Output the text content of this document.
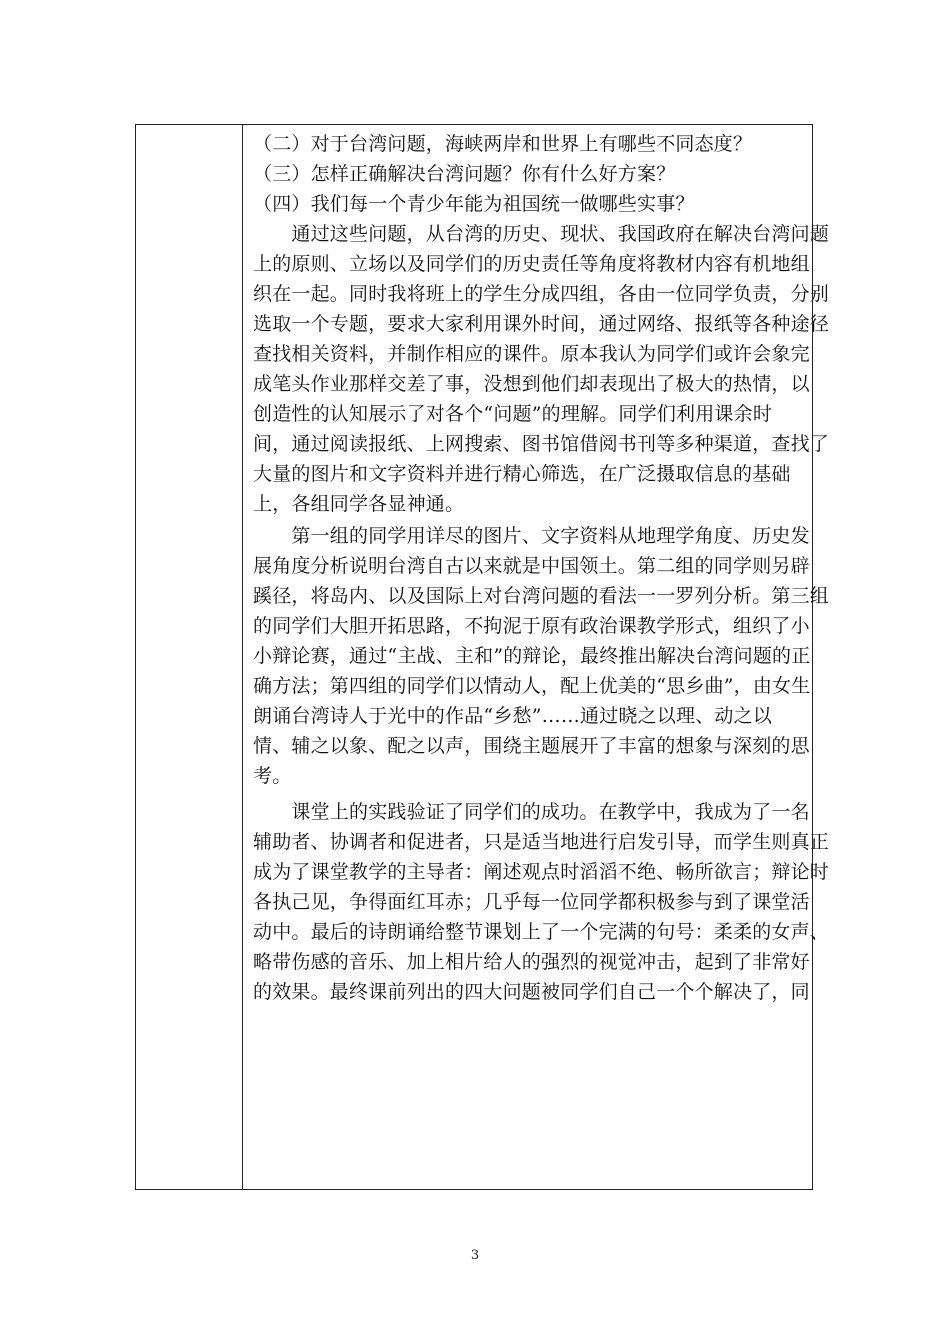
（二）对于台湾问题，海峡两岸和世界上有哪些不同态度？

（三）怎样正确解决台湾问题？你有什么好方案？

（四）我们每一个青少年能为祖国统一做哪些实事？

　　通过这些问题，从台湾的历史、现状、我国政府在解决台湾问题

上的原则、立场以及同学们的历史责任等角度将教材内容有机地组

织在一起。同时我将班上的学生分成四组，各由一位同学负责，分别

选取一个专题，要求大家利用课外时间，通过网络、报纸等各种途径

查找相关资料，并制作相应的课件。原本我认为同学们或许会象完

成笔头作业那样交差了事，没想到他们却表现出了极大的热情，以

创造性的认知展示了对各个“问题”的理解。同学们利用课余时

间，通过阅读报纸、上网搜索、图书馆借阅书刊等多种渠道，查找了

大量的图片和文字资料并进行精心筛选，在广泛摄取信息的基础

上，各组同学各显神通。

　　第一组的同学用详尽的图片、文字资料从地理学角度、历史发

展角度分析说明台湾自古以来就是中国领土。第二组的同学则另辟

蹊径，将岛内、以及国际上对台湾问题的看法一一罗列分析。第三组

的同学们大胆开拓思路，不拘泥于原有政治课教学形式，组织了小

小辩论赛，通过“主战、主和”的辩论，最终推出解决台湾问题的正

确方法；第四组的同学们以情动人，配上优美的“思乡曲”，由女生

朗诵台湾诗人于光中的作品“乡愁”……通过晓之以理、动之以

情、辅之以象、配之以声，围绕主题展开了丰富的想象与深刻的思

考。

　　课堂上的实践验证了同学们的成功。在教学中，我成为了一名

辅助者、协调者和促进者，只是适当地进行启发引导，而学生则真正

成为了课堂教学的主导者：阐述观点时滔滔不绝、畅所欲言；辩论时

各执己见，争得面红耳赤；几乎每一位同学都积极参与到了课堂活

动中。最后的诗朗诵给整节课划上了一个完满的句号：柔柔的女声、

略带伤感的音乐、加上相片给人的强烈的视觉冲击，起到了非常好

的效果。最终课前列出的四大问题被同学们自己一个个解决了，同

3
